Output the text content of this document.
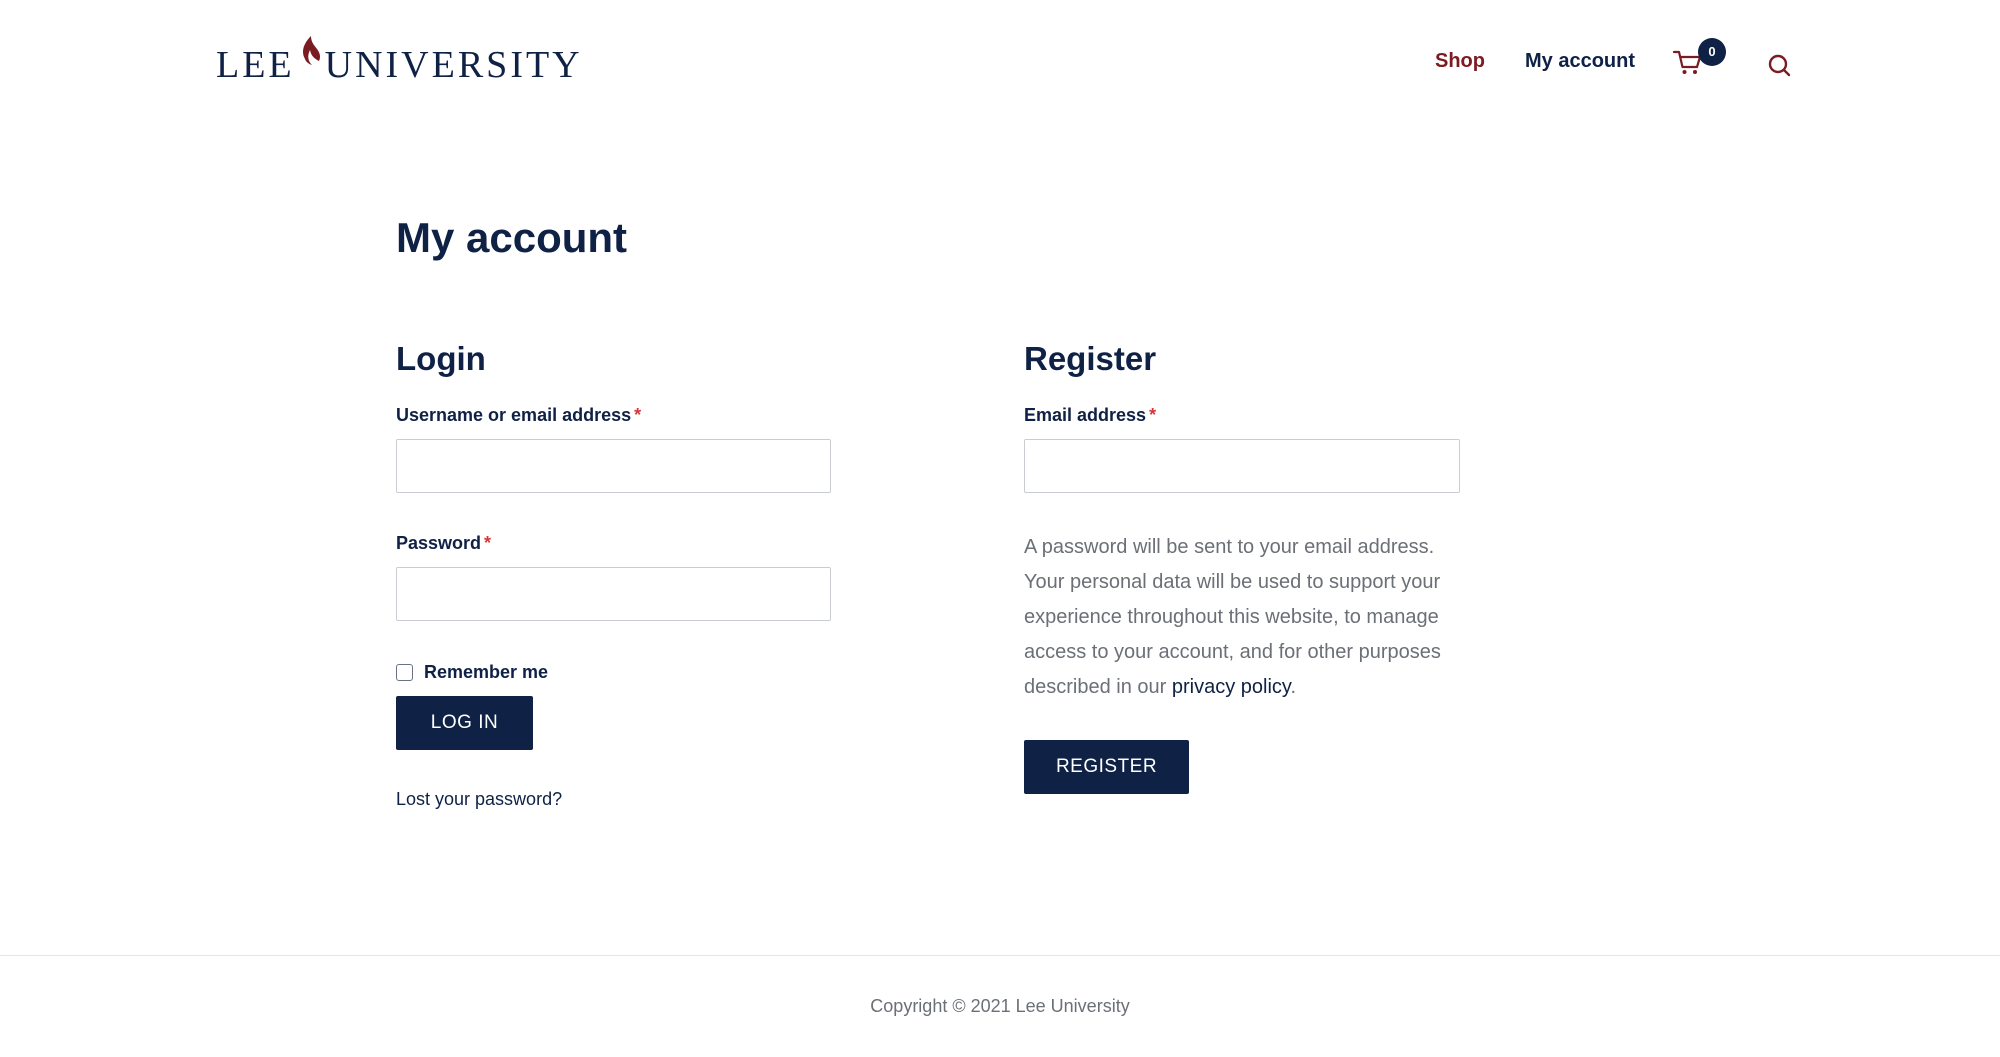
LEE UNIVERSITY	Shop My account	0
My account
Login
Username or email address *
Password *
Remember me
LOG IN
Lost your password?
Register
Email address *

A password will be sent to your email address.

Your personal data will be used to support your experience throughout this website, to manage access to your account, and for other purposes described in our privacy policy.

REGISTER
Copyright © 2021 Lee University
